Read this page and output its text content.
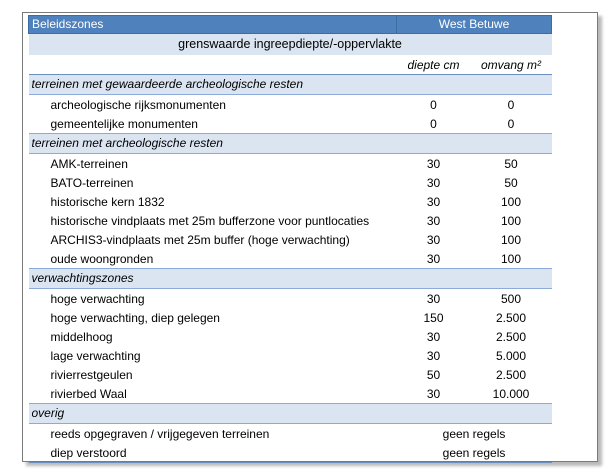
Beleidszones	West Betuwe	
grenswaarde ingreepdiepte/-oppervlakte		
	diepte cm	omvang m²
terreinen met gewaardeerde archeologische resten		
archeologische rijksmonumenten	0	0
gemeentelijke monumenten	0	0
terreinen met archeologische resten		
AMK-terreinen	30	50
BATO-terreinen	30	50
historische kern 1832	30	100
historische vindplaats met 25m bufferzone voor puntlocaties	30	100
ARCHIS3-vindplaats met 25m buffer (hoge verwachting)	30	100
oude woongronden	30	100
verwachtingszones		
hoge verwachting	30	500
hoge verwachting, diep gelegen	150	2.500
middelhoog	30	2.500
lage verwachting	30	5.000
rivierrestgeulen	50	2.500
rivierbed Waal	30	10.000
overig		
reeds opgegraven / vrijgegeven terreinen	geen regels	
diep verstoord	geen regels	
